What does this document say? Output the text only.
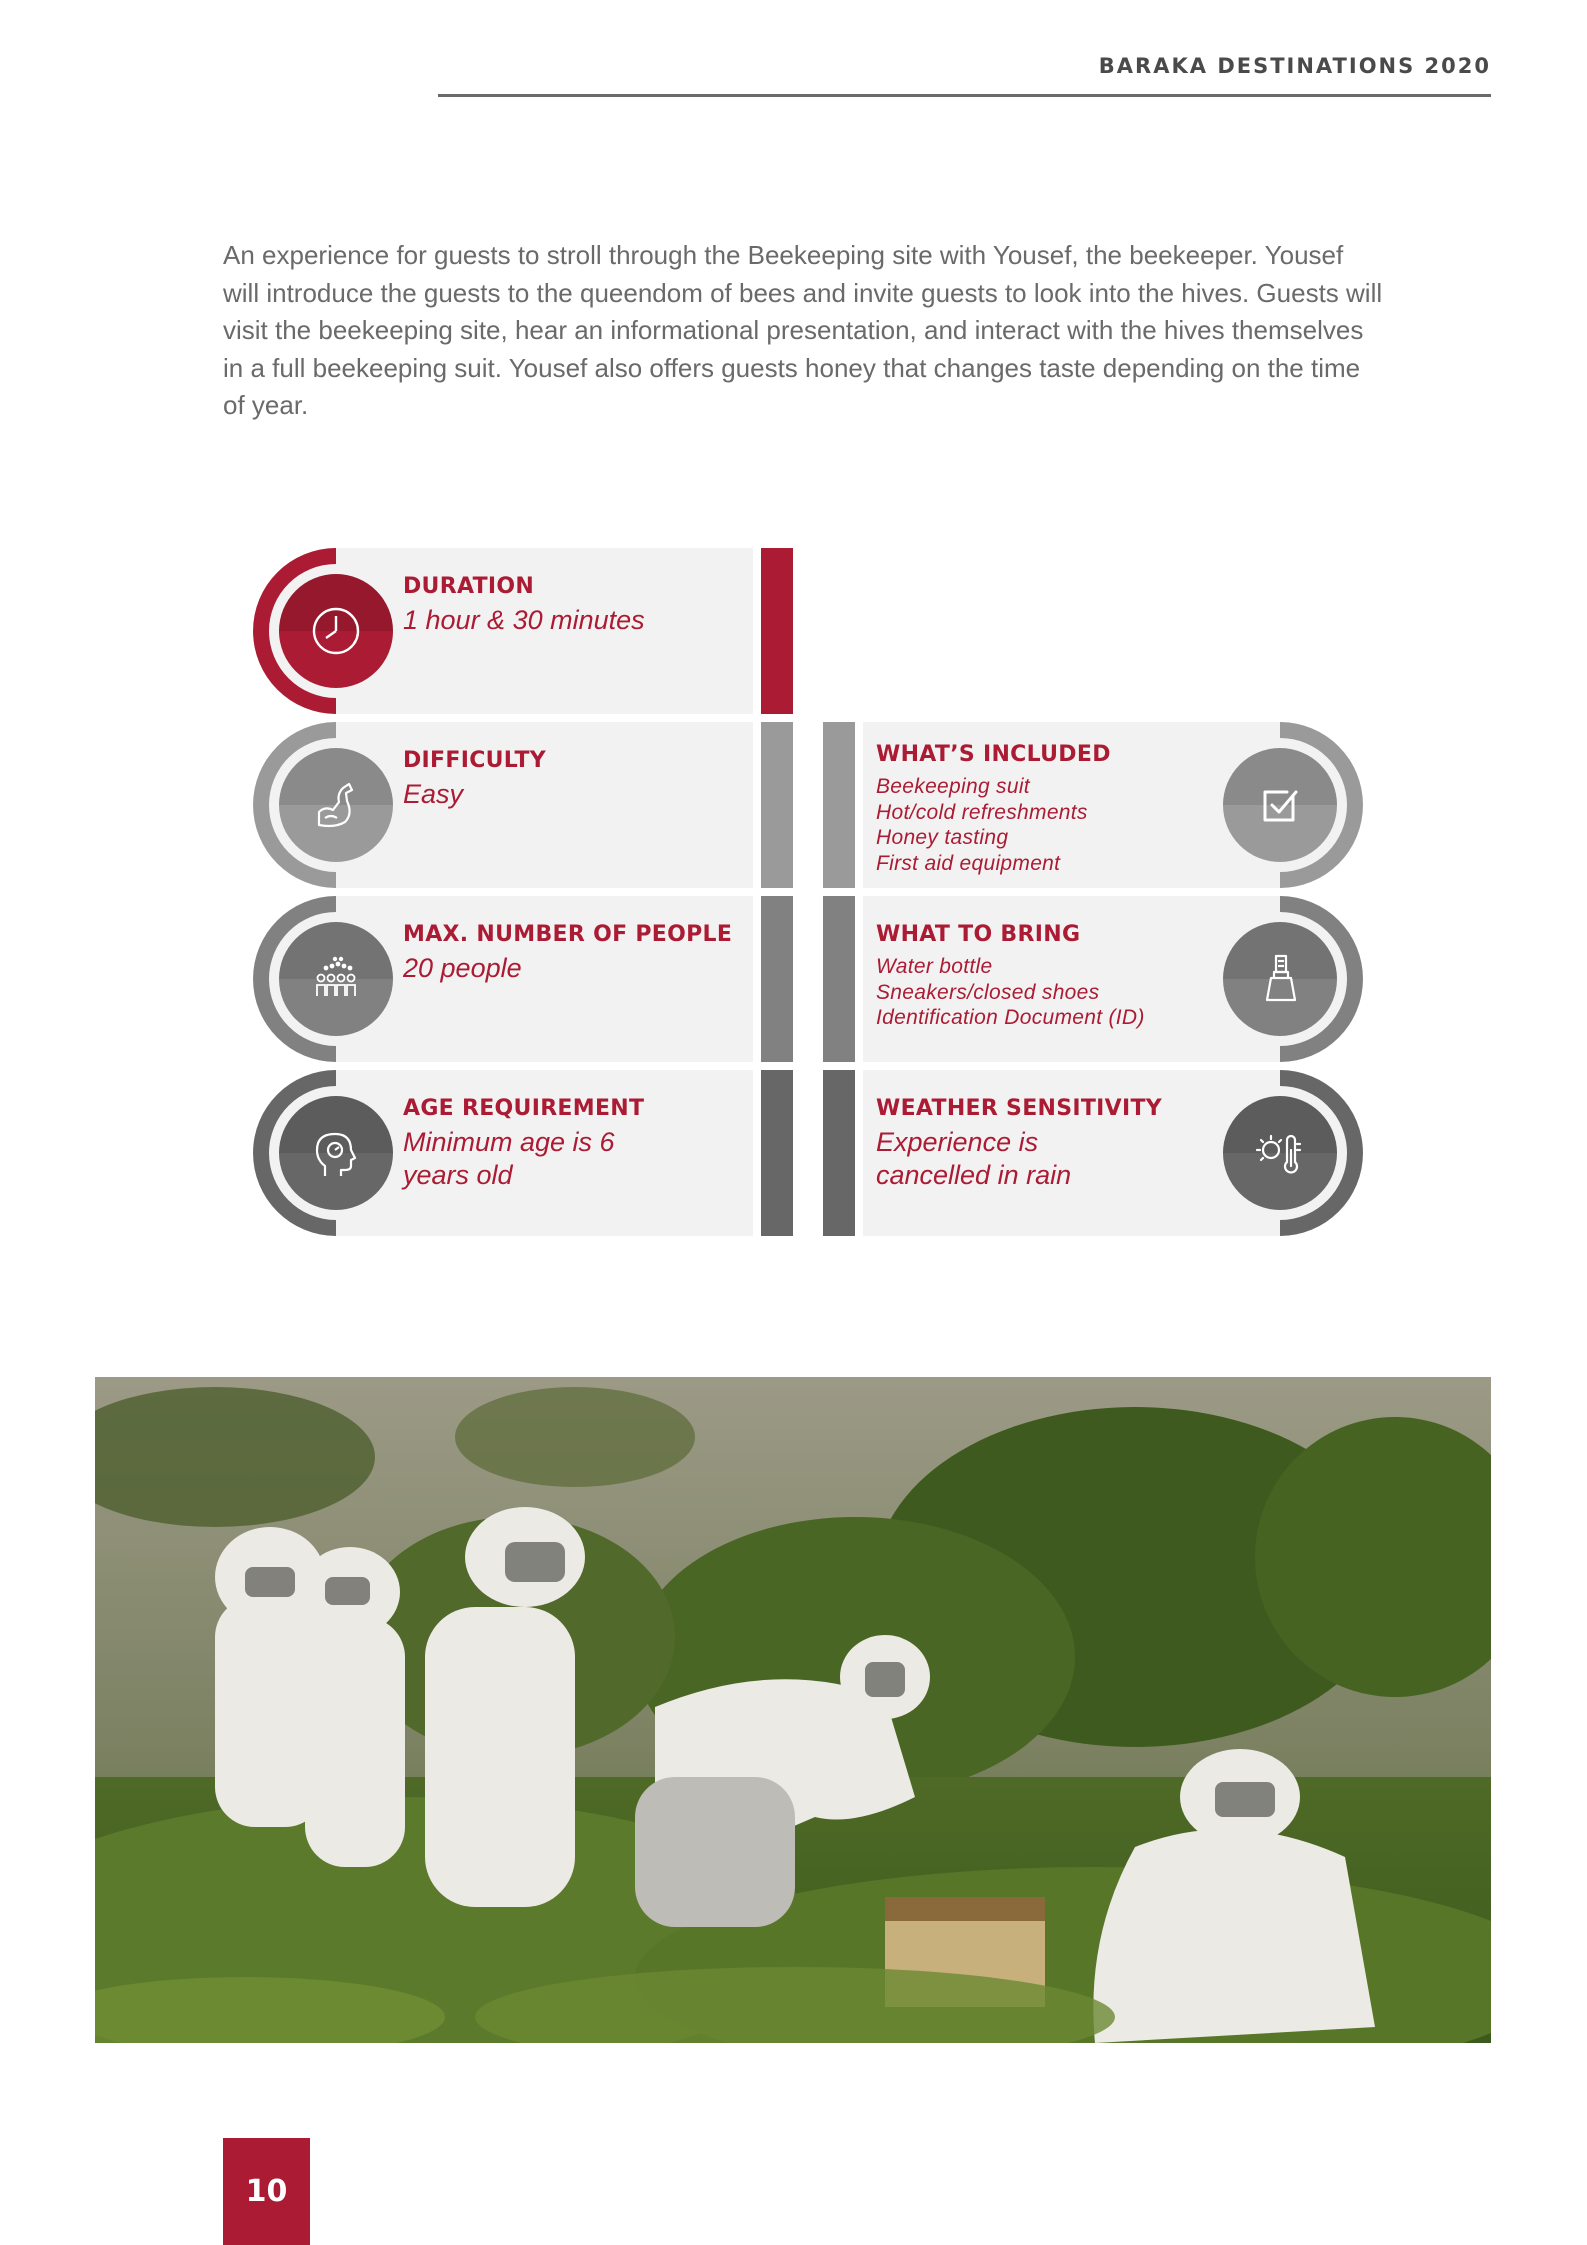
BARAKA DESTINATIONS 2020

An experience for guests to stroll through the Beekeeping site with Yousef, the beekeeper. Yousef will introduce the guests to the queendom of bees and invite guests to look into the hives. Guests will visit the beekeeping site, hear an informational presentation, and interact with the hives themselves in a full beekeeping suit. Yousef also offers guests honey that changes taste depending on the time of year.

DURATION
1 hour & 30 minutes
DIFFICULTY
Easy
MAX. NUMBER OF PEOPLE
20 people
AGE REQUIREMENT
Minimum age is 6 years old
WHAT’S INCLUDED
Beekeeping suit
Hot/cold refreshments
Honey tasting
First aid equipment
WHAT TO BRING
Water bottle
Sneakers/closed shoes
Identification Document (ID)
WEATHER SENSITIVITY
Experience is cancelled in rain
10
